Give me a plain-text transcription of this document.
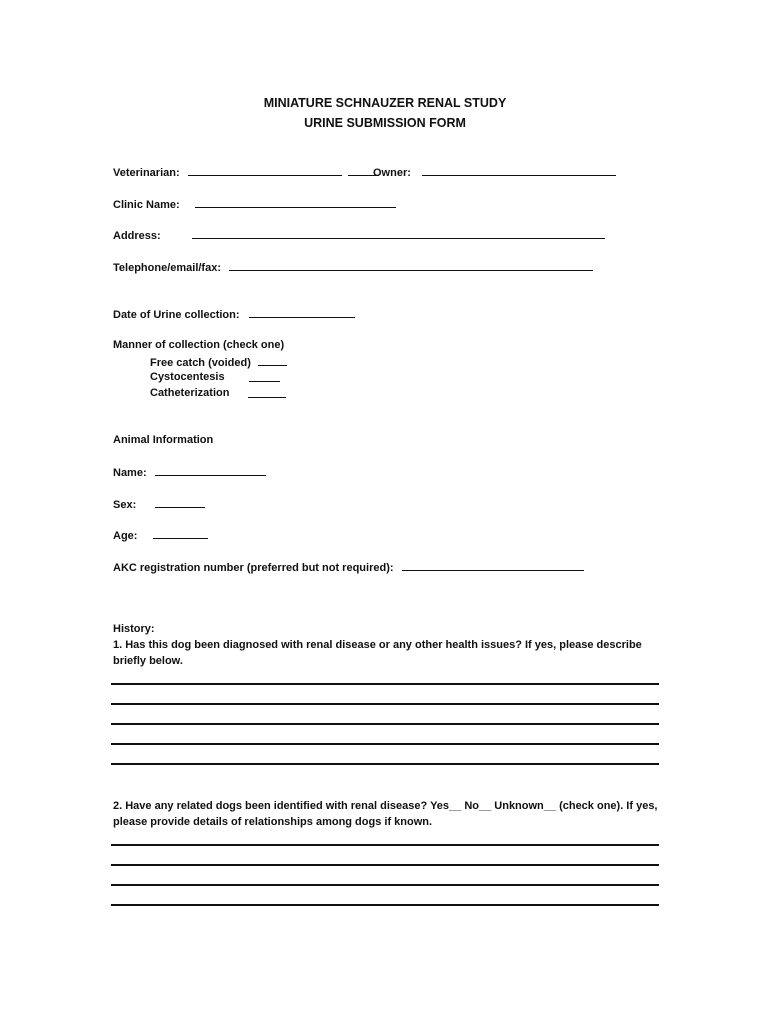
MINIATURE SCHNAUZER RENAL STUDY
URINE SUBMISSION FORM
Veterinarian:	Owner:
Clinic Name:
Address:
Telephone/email/fax:
Date of Urine collection:
Manner of collection (check one)
Free catch (voided)
Cystocentesis
Catheterization
Animal Information
Name:
Sex:
Age:
AKC registration number (preferred but not required):
History:
1. Has this dog been diagnosed with renal disease or any other health issues? If yes, please describe briefly below.
2. Have any related dogs been identified with renal disease? Yes__ No__ Unknown__ (check one). If yes, please provide details of relationships among dogs if known.
